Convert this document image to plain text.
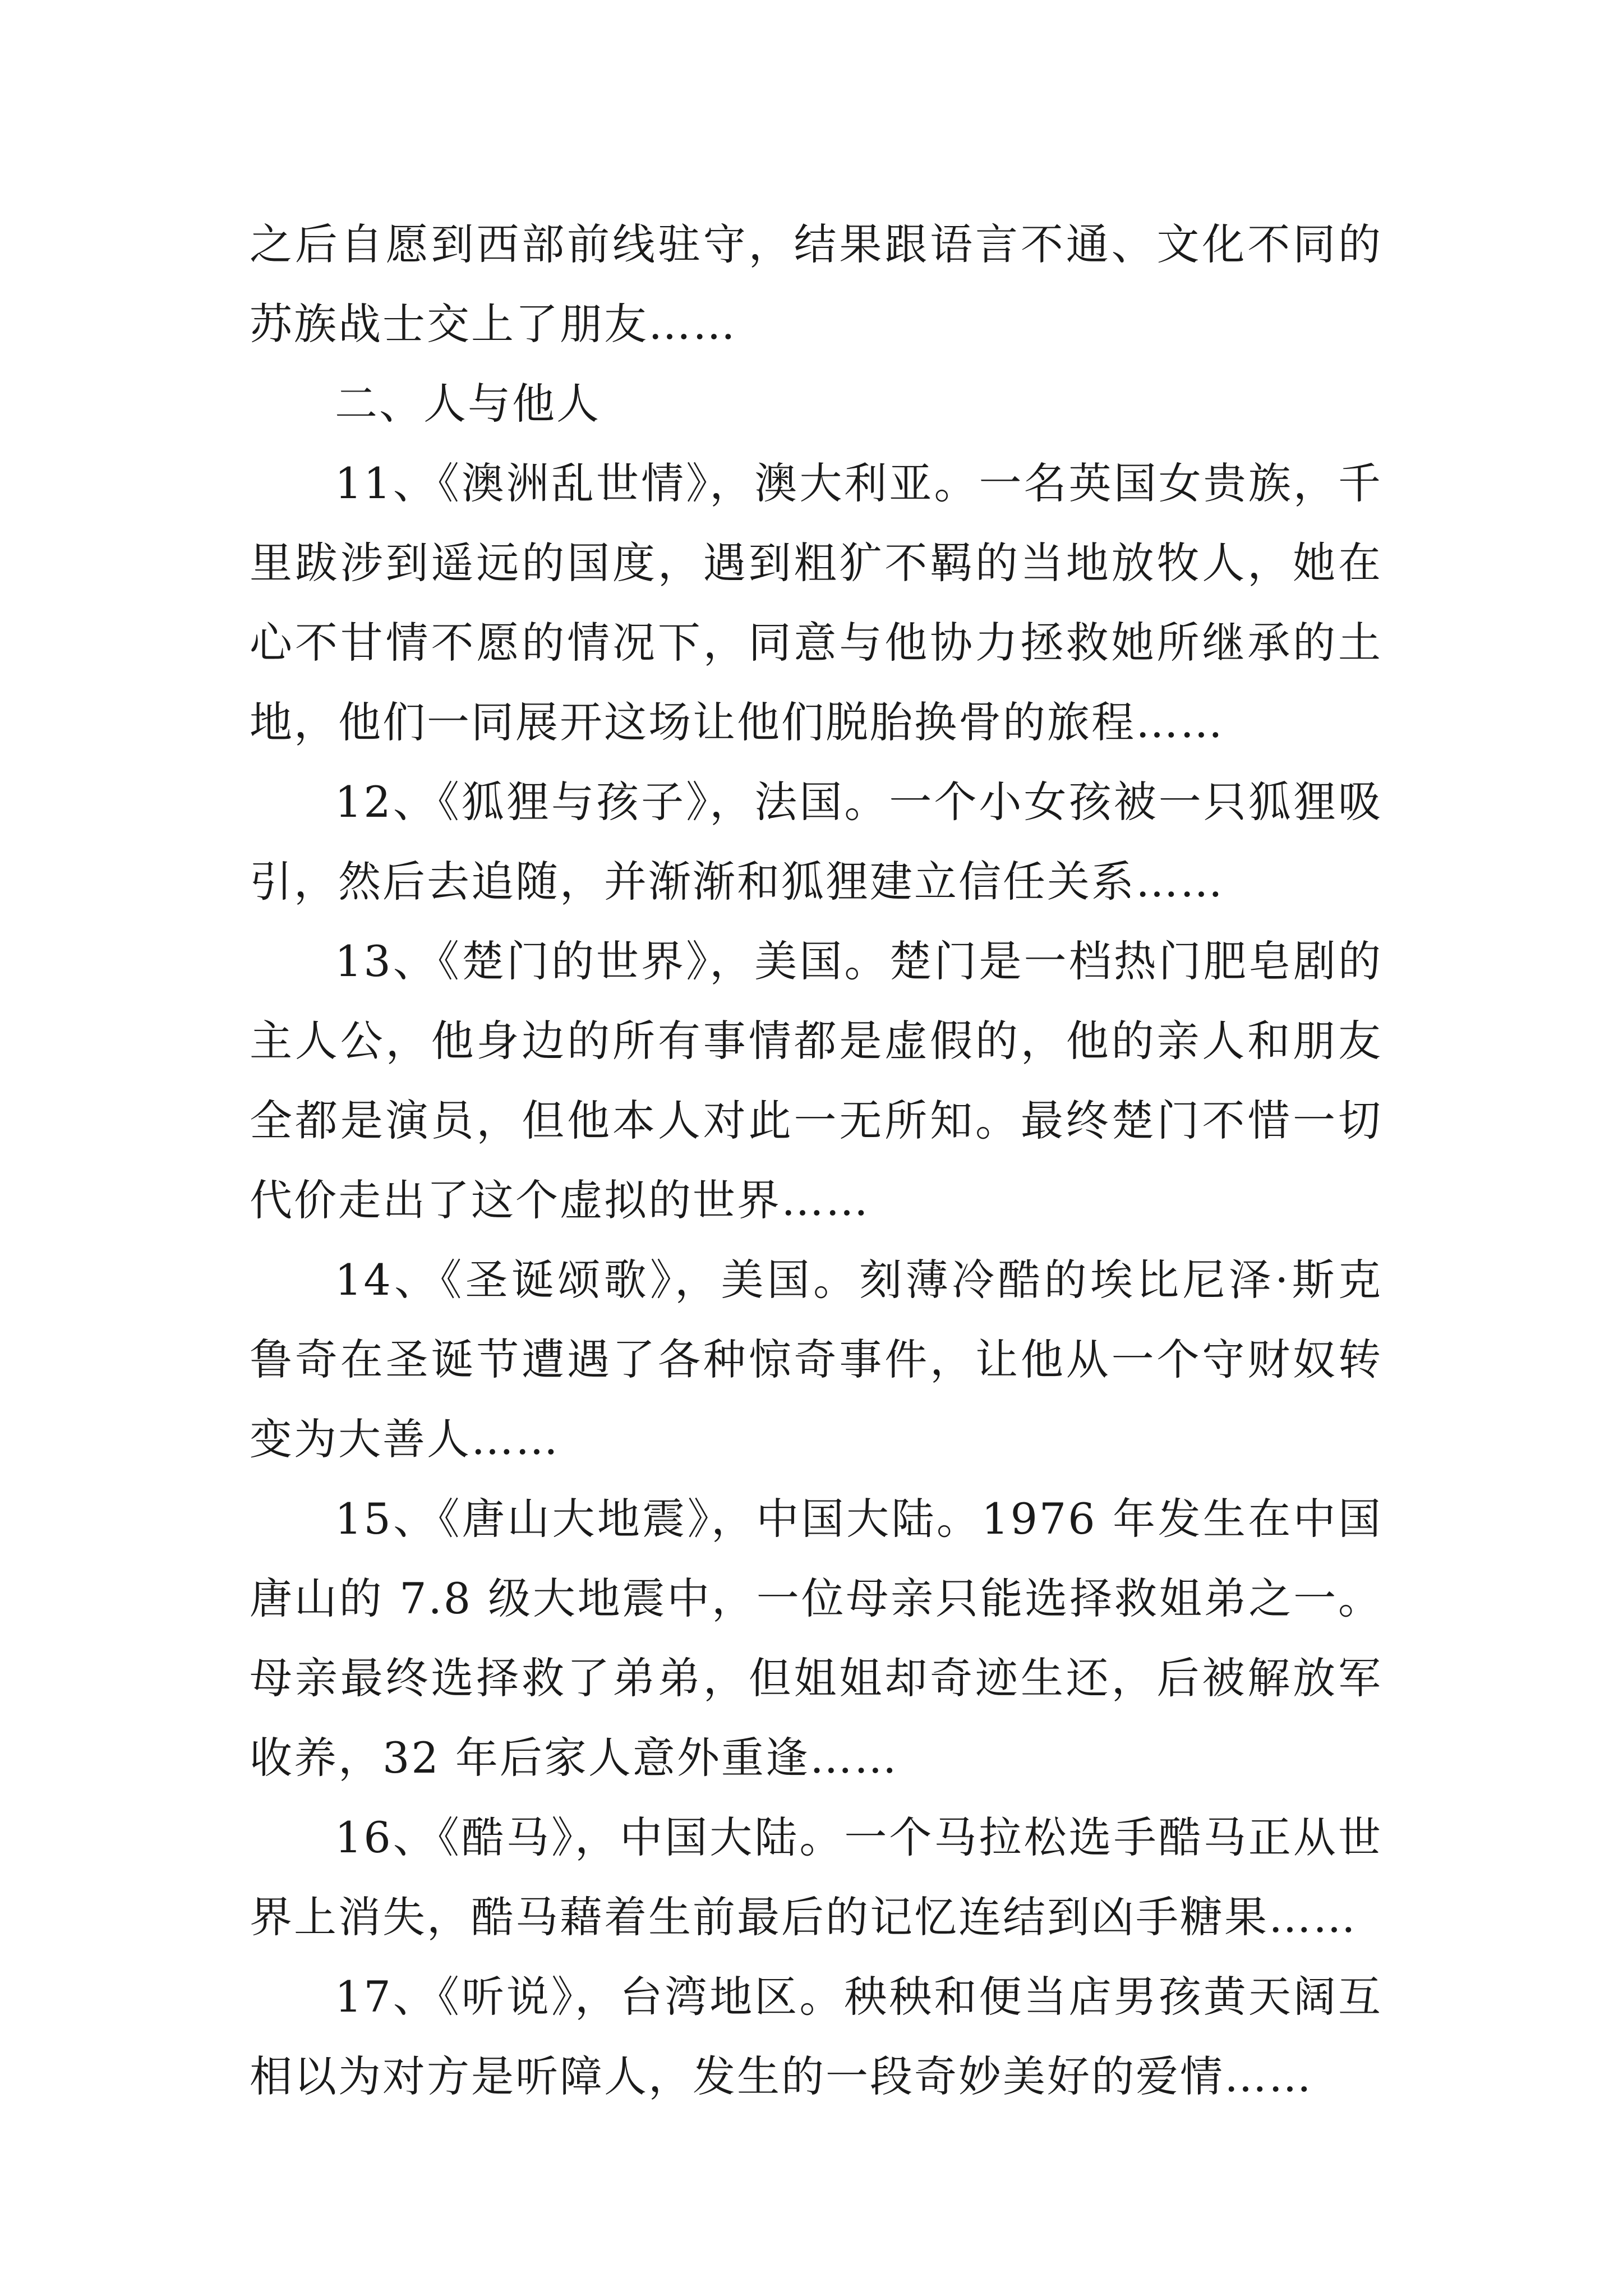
之后自愿到西部前线驻守，结果跟语言不通、文化不同的苏族战士交上了朋友……

二、人与他人

11、《澳洲乱世情》，澳大利亚。一名英国女贵族，千里跋涉到遥远的国度，遇到粗犷不羁的当地放牧人，她在心不甘情不愿的情况下，同意与他协力拯救她所继承的土地，他们一同展开这场让他们脱胎换骨的旅程……

12、《狐狸与孩子》，法国。一个小女孩被一只狐狸吸引，然后去追随，并渐渐和狐狸建立信任关系……

13、《楚门的世界》，美国。楚门是一档热门肥皂剧的主人公，他身边的所有事情都是虚假的，他的亲人和朋友全都是演员，但他本人对此一无所知。最终楚门不惜一切代价走出了这个虚拟的世界……

14、《圣诞颂歌》，美国。刻薄冷酷的埃比尼泽·斯克鲁奇在圣诞节遭遇了各种惊奇事件，让他从一个守财奴转变为大善人……

15、《唐山大地震》，中国大陆。1976 年发生在中国唐山的 7.8 级大地震中，一位母亲只能选择救姐弟之一。母亲最终选择救了弟弟，但姐姐却奇迹生还，后被解放军收养，32 年后家人意外重逢……

16、《酷马》，中国大陆。一个马拉松选手酷马正从世界上消失，酷马藉着生前最后的记忆连结到凶手糖果……

17、《听说》，台湾地区。秧秧和便当店男孩黄天阔互相以为对方是听障人，发生的一段奇妙美好的爱情……
